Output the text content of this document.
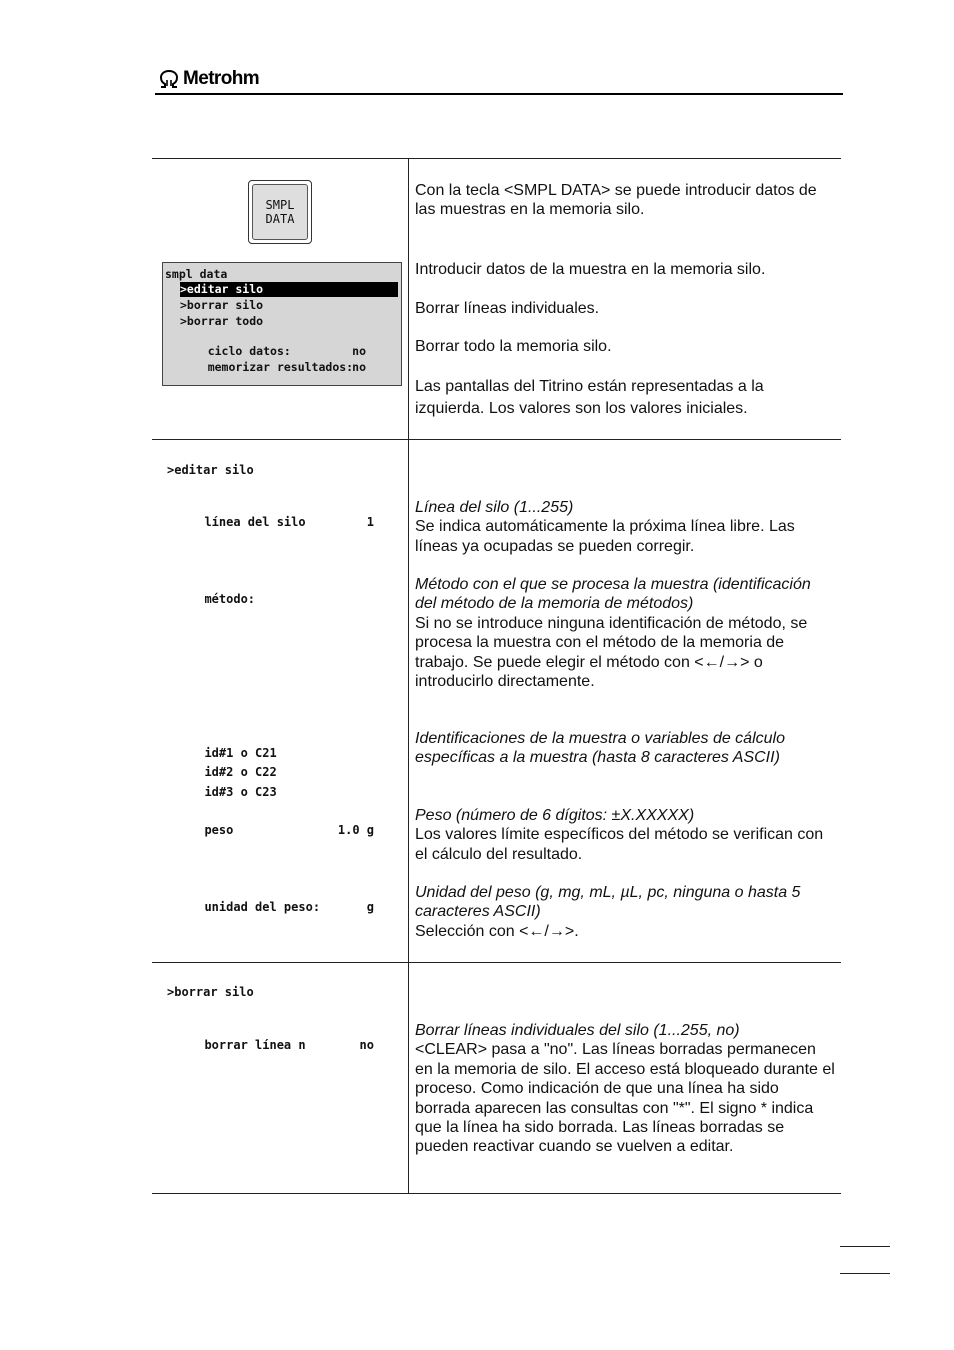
Metrohm
SMPL
DATA
smpl data
>editar silo
>borrar silo
>borrar todo

ciclo datos:	no

memorizar resultados: no

Con la tecla <SMPL DATA> se puede introducir datos de las muestras en la memoria silo.
Introducir datos de la muestra en la memoria silo.
Borrar líneas individuales.
Borrar todo la memoria silo.
Las pantallas del Titrino están representadas a la izquierda. Los valores son los valores iniciales.
>editar silo

línea del silo	1

método:

id#1 o C21

id#2 o C22

id#3 o C23

peso	1.0 g

unidad del peso:	g

Línea del silo (1...255)
Se indica automáticamente la próxima línea libre. Las líneas ya ocupadas se pueden corregir.
Método con el que se procesa la muestra (identificación del método de la memoria de métodos)
Si no se introduce ninguna identificación de método, se procesa la muestra con el método de la memoria de trabajo. Se puede elegir el método con <←/→> o introducirlo directamente.
Identificaciones de la muestra o variables de cálculo específicas a la muestra (hasta 8 caracteres ASCII)
Peso (número de 6 dígitos: ±X.XXXXX)
Los valores límite específicos del método se verifican con el cálculo del resultado.
Unidad del peso (g, mg, mL, µL, pc, ninguna o hasta 5 caracteres ASCII)
Selección con <←/→>.
>borrar silo

borrar línea n	no

Borrar líneas individuales del silo (1...255, no)
<CLEAR> pasa a "no". Las líneas borradas permanecen en la memoria de silo. El acceso está bloqueado durante el proceso. Como indicación de que una línea ha sido borrada aparecen las consultas con "*". El signo * indica que la línea ha sido borrada. Las líneas borradas se pueden reactivar cuando se vuelven a editar.
